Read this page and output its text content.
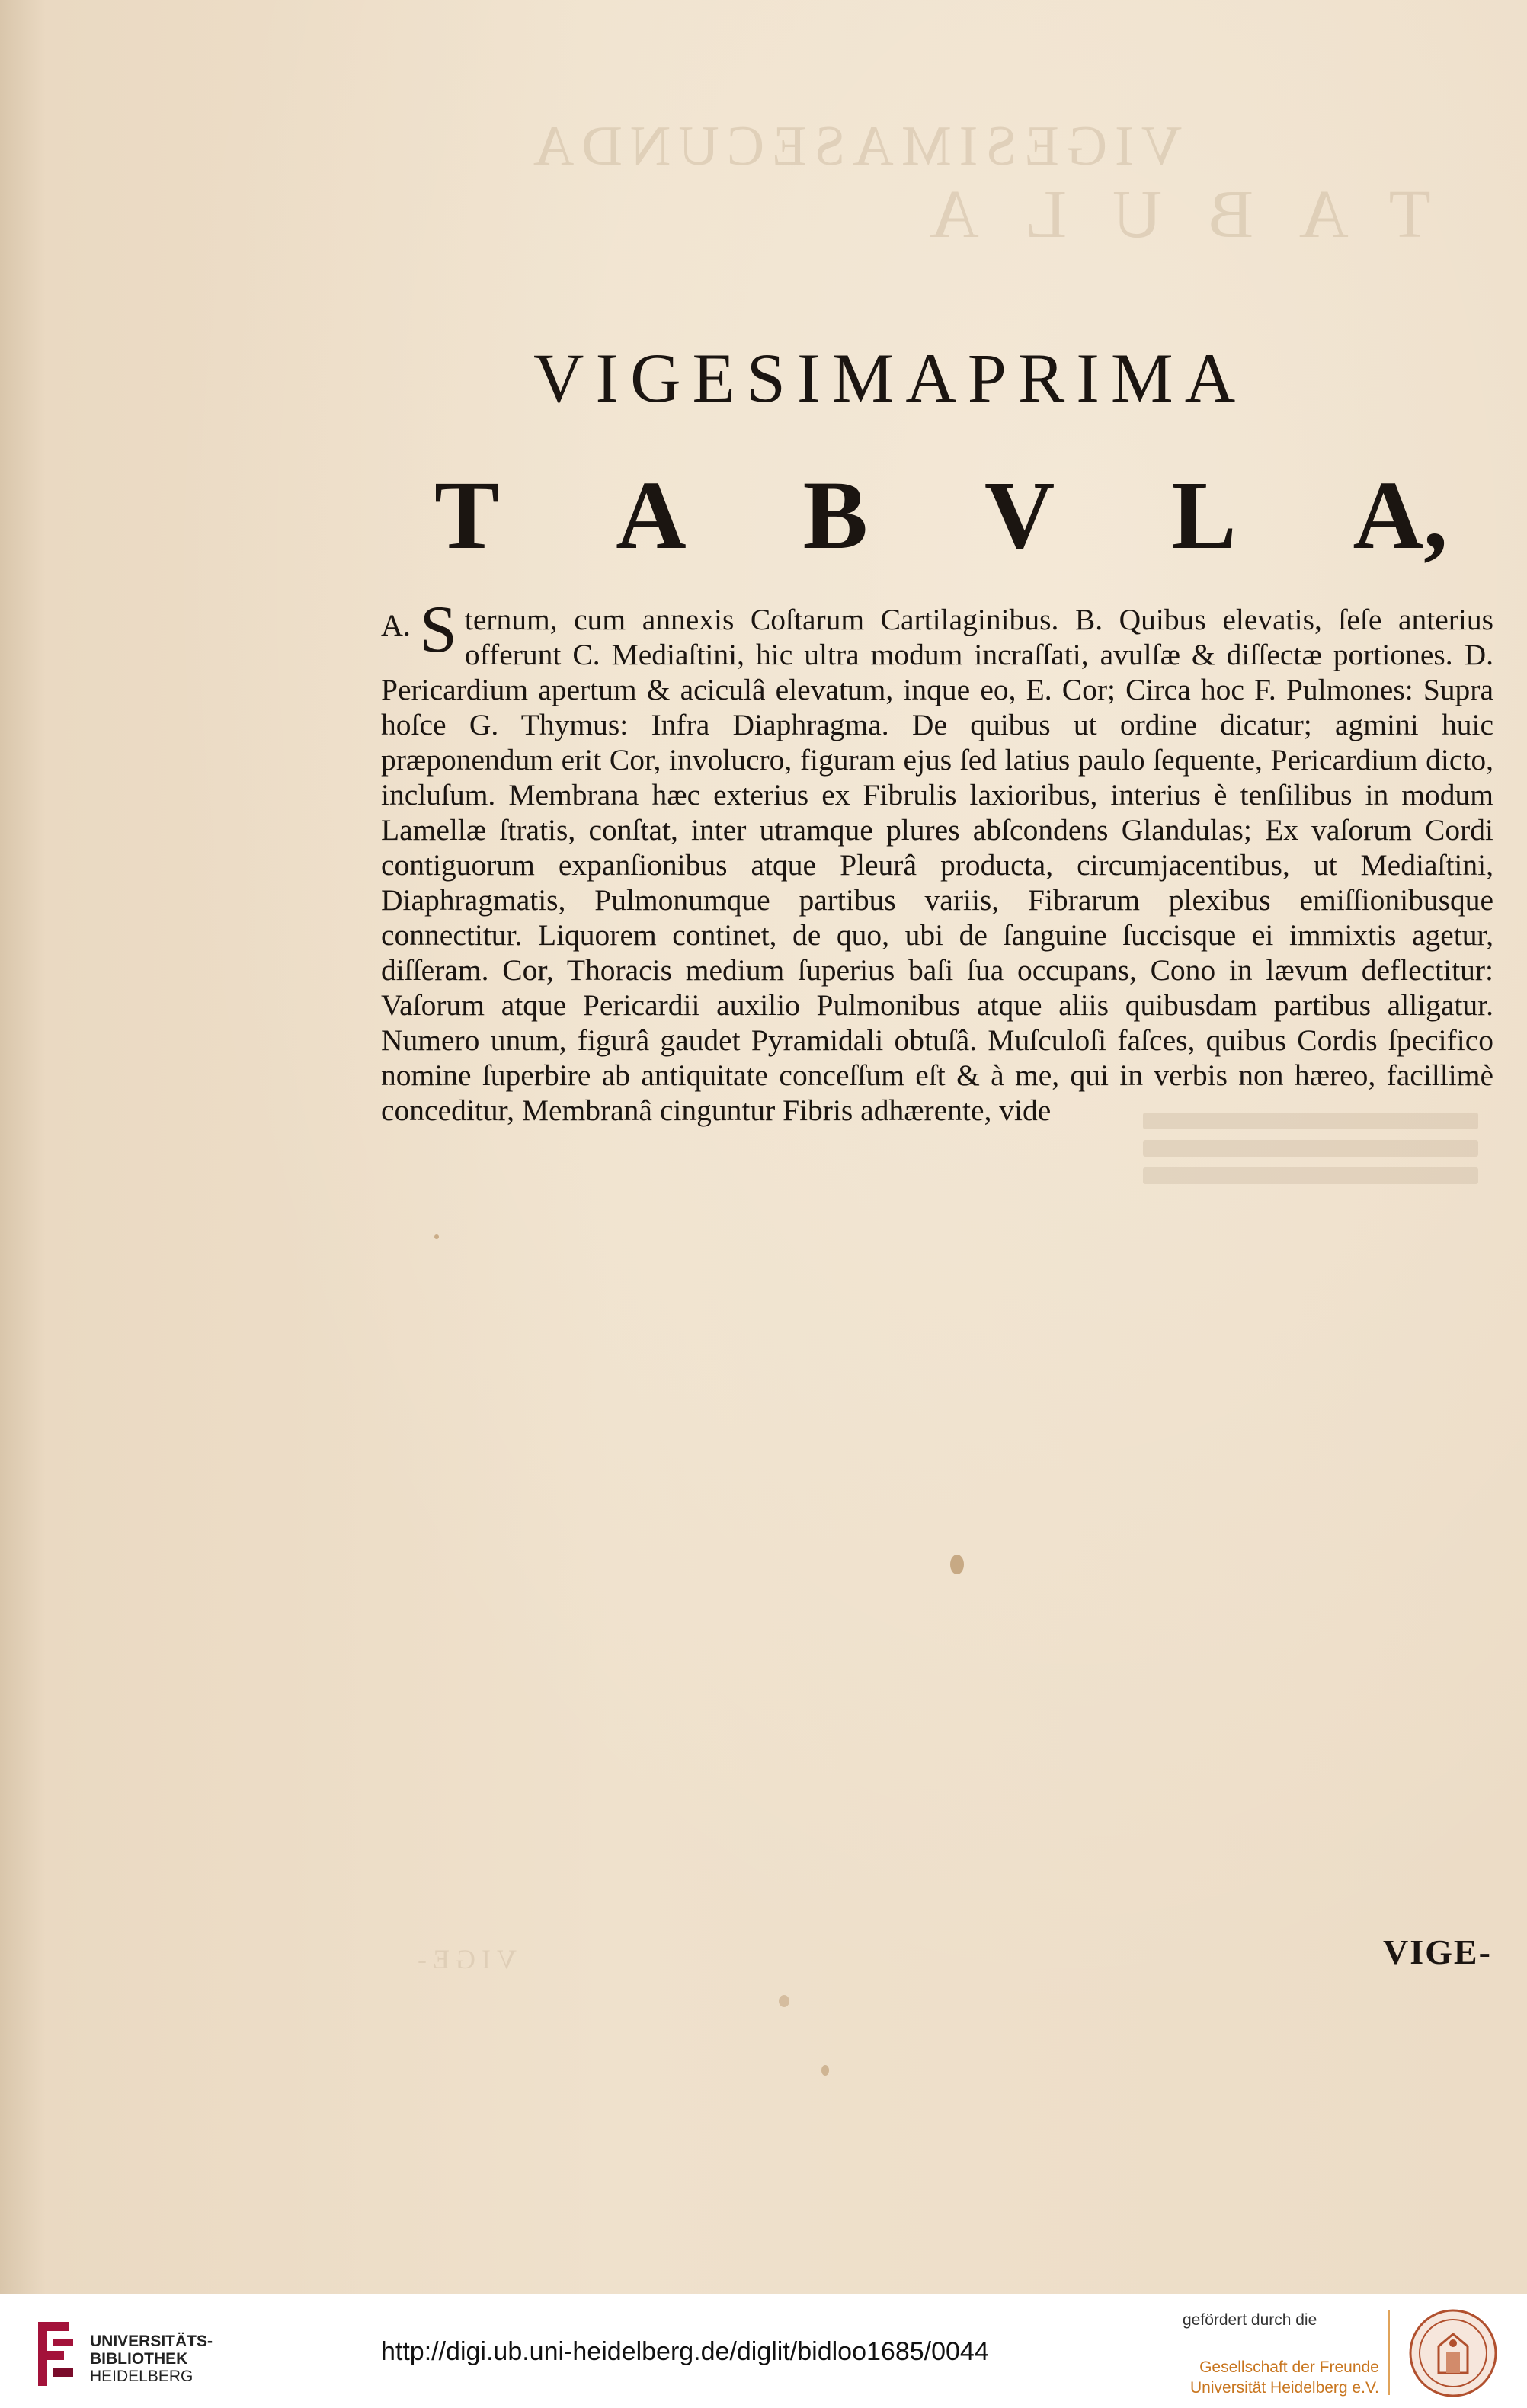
VIGESIMASECUNDA
TABULA
VIGE-
VIGESIMAPRIMA
T A B V L A,
A. S ternum, cum annexis Coſtarum Cartilaginibus. B. Quibus elevatis, ſeſe anterius offerunt C. Mediaſtini, hic ultra modum incraſſati, avulſæ & diſſectæ portiones. D. Pericardium apertum & aciculâ elevatum, inque eo, E. Cor; Circa hoc F. Pulmones: Supra hoſce G. Thymus: Infra Diaphragma. De quibus ut ordine dicatur; agmini huic præponendum erit Cor, involucro, figuram ejus ſed latius paulo ſequente, Pericardium dicto, incluſum. Membrana hæc exterius ex Fibrulis laxioribus, interius è tenſilibus in modum Lamellæ ſtratis, conſtat, inter utramque plures abſcondens Glandulas; Ex vaſorum Cordi contiguorum expanſionibus atque Pleurâ producta, circumjacentibus, ut Mediaſtini, Diaphragmatis, Pulmonumque partibus variis, Fibrarum plexibus emiſſionibusque connectitur. Liquorem continet, de quo, ubi de ſanguine ſuccisque ei immixtis agetur, diſſeram. Cor, Thoracis medium ſuperius baſi ſua occupans, Cono in lævum deflectitur: Vaſorum atque Pericardii auxilio Pulmonibus atque aliis quibusdam partibus alligatur. Numero unum, figurâ gaudet Pyramidali obtuſâ. Muſculoſi faſces, quibus Cordis ſpecifico nomine ſuperbire ab antiquitate conceſſum eſt & à me, qui in verbis non hæreo, facillimè conceditur, Membranâ cinguntur Fibris adhærente, vide
VIGE-
UNIVERSITÄTS-
BIBLIOTHEK
HEIDELBERG
http://digi.ub.uni-heidelberg.de/diglit/bidloo1685/0044
gefördert durch die
Gesellschaft der Freunde
Universität Heidelberg e.V.
